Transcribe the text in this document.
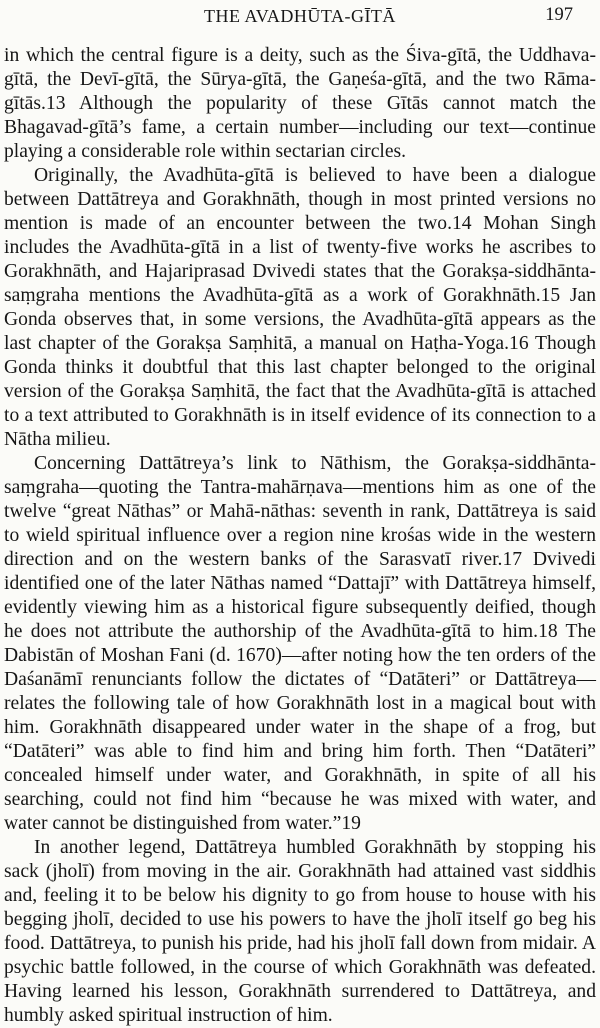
THE AVADHŪTA-GĪTĀ	197

in which the central figure is a deity, such as the Śiva-gītā, the Uddhava-gītā, the Devī-gītā, the Sūrya-gītā, the Gaṇeśa-gītā, and the two Rāma-gītās.13 Although the popularity of these Gītās cannot match the Bhagavad-gītā’s fame, a certain number—including our text—continue playing a considerable role within sectarian circles.

Originally, the Avadhūta-gītā is believed to have been a dialogue between Dattātreya and Gorakhnāth, though in most printed versions no mention is made of an encounter between the two.14 Mohan Singh includes the Avadhūta-gītā in a list of twenty-five works he ascribes to Gorakhnāth, and Hajariprasad Dvivedi states that the Gorakṣa-siddhānta-saṃgraha mentions the Avadhūta-gītā as a work of Gorakhnāth.15 Jan Gonda observes that, in some versions, the Avadhūta-gītā appears as the last chapter of the Gorakṣa Saṃhitā, a manual on Haṭha-Yoga.16 Though Gonda thinks it doubtful that this last chapter belonged to the original version of the Gorakṣa Saṃhitā, the fact that the Avadhūta-gītā is attached to a text attributed to Gorakhnāth is in itself evidence of its connection to a Nātha milieu.

Concerning Dattātreya’s link to Nāthism, the Gorakṣa-siddhānta-saṃgraha—quoting the Tantra-mahārṇava—mentions him as one of the twelve “great Nāthas” or Mahā-nāthas: seventh in rank, Dattātreya is said to wield spiritual influence over a region nine krośas wide in the western direction and on the western banks of the Sarasvatī river.17 Dvivedi identified one of the later Nāthas named “Dattajī” with Dattātreya himself, evidently viewing him as a historical figure subsequently deified, though he does not attribute the authorship of the Avadhūta-gītā to him.18 The Dabistān of Moshan Fani (d. 1670)—after noting how the ten orders of the Daśanāmī renunciants follow the dictates of “Datāteri” or Dattātreya—relates the following tale of how Gorakhnāth lost in a magical bout with him. Gorakhnāth disappeared under water in the shape of a frog, but “Datāteri” was able to find him and bring him forth. Then “Datāteri” concealed himself under water, and Gorakhnāth, in spite of all his searching, could not find him “because he was mixed with water, and water cannot be distinguished from water.”19

In another legend, Dattātreya humbled Gorakhnāth by stopping his sack (jholī) from moving in the air. Gorakhnāth had attained vast siddhis and, feeling it to be below his dignity to go from house to house with his begging jholī, decided to use his powers to have the jholī itself go beg his food. Dattātreya, to punish his pride, had his jholī fall down from midair. A psychic battle followed, in the course of which Gorakhnāth was defeated. Having learned his lesson, Gorakhnāth surrendered to Dattātreya, and humbly asked spiritual instruction of him.
